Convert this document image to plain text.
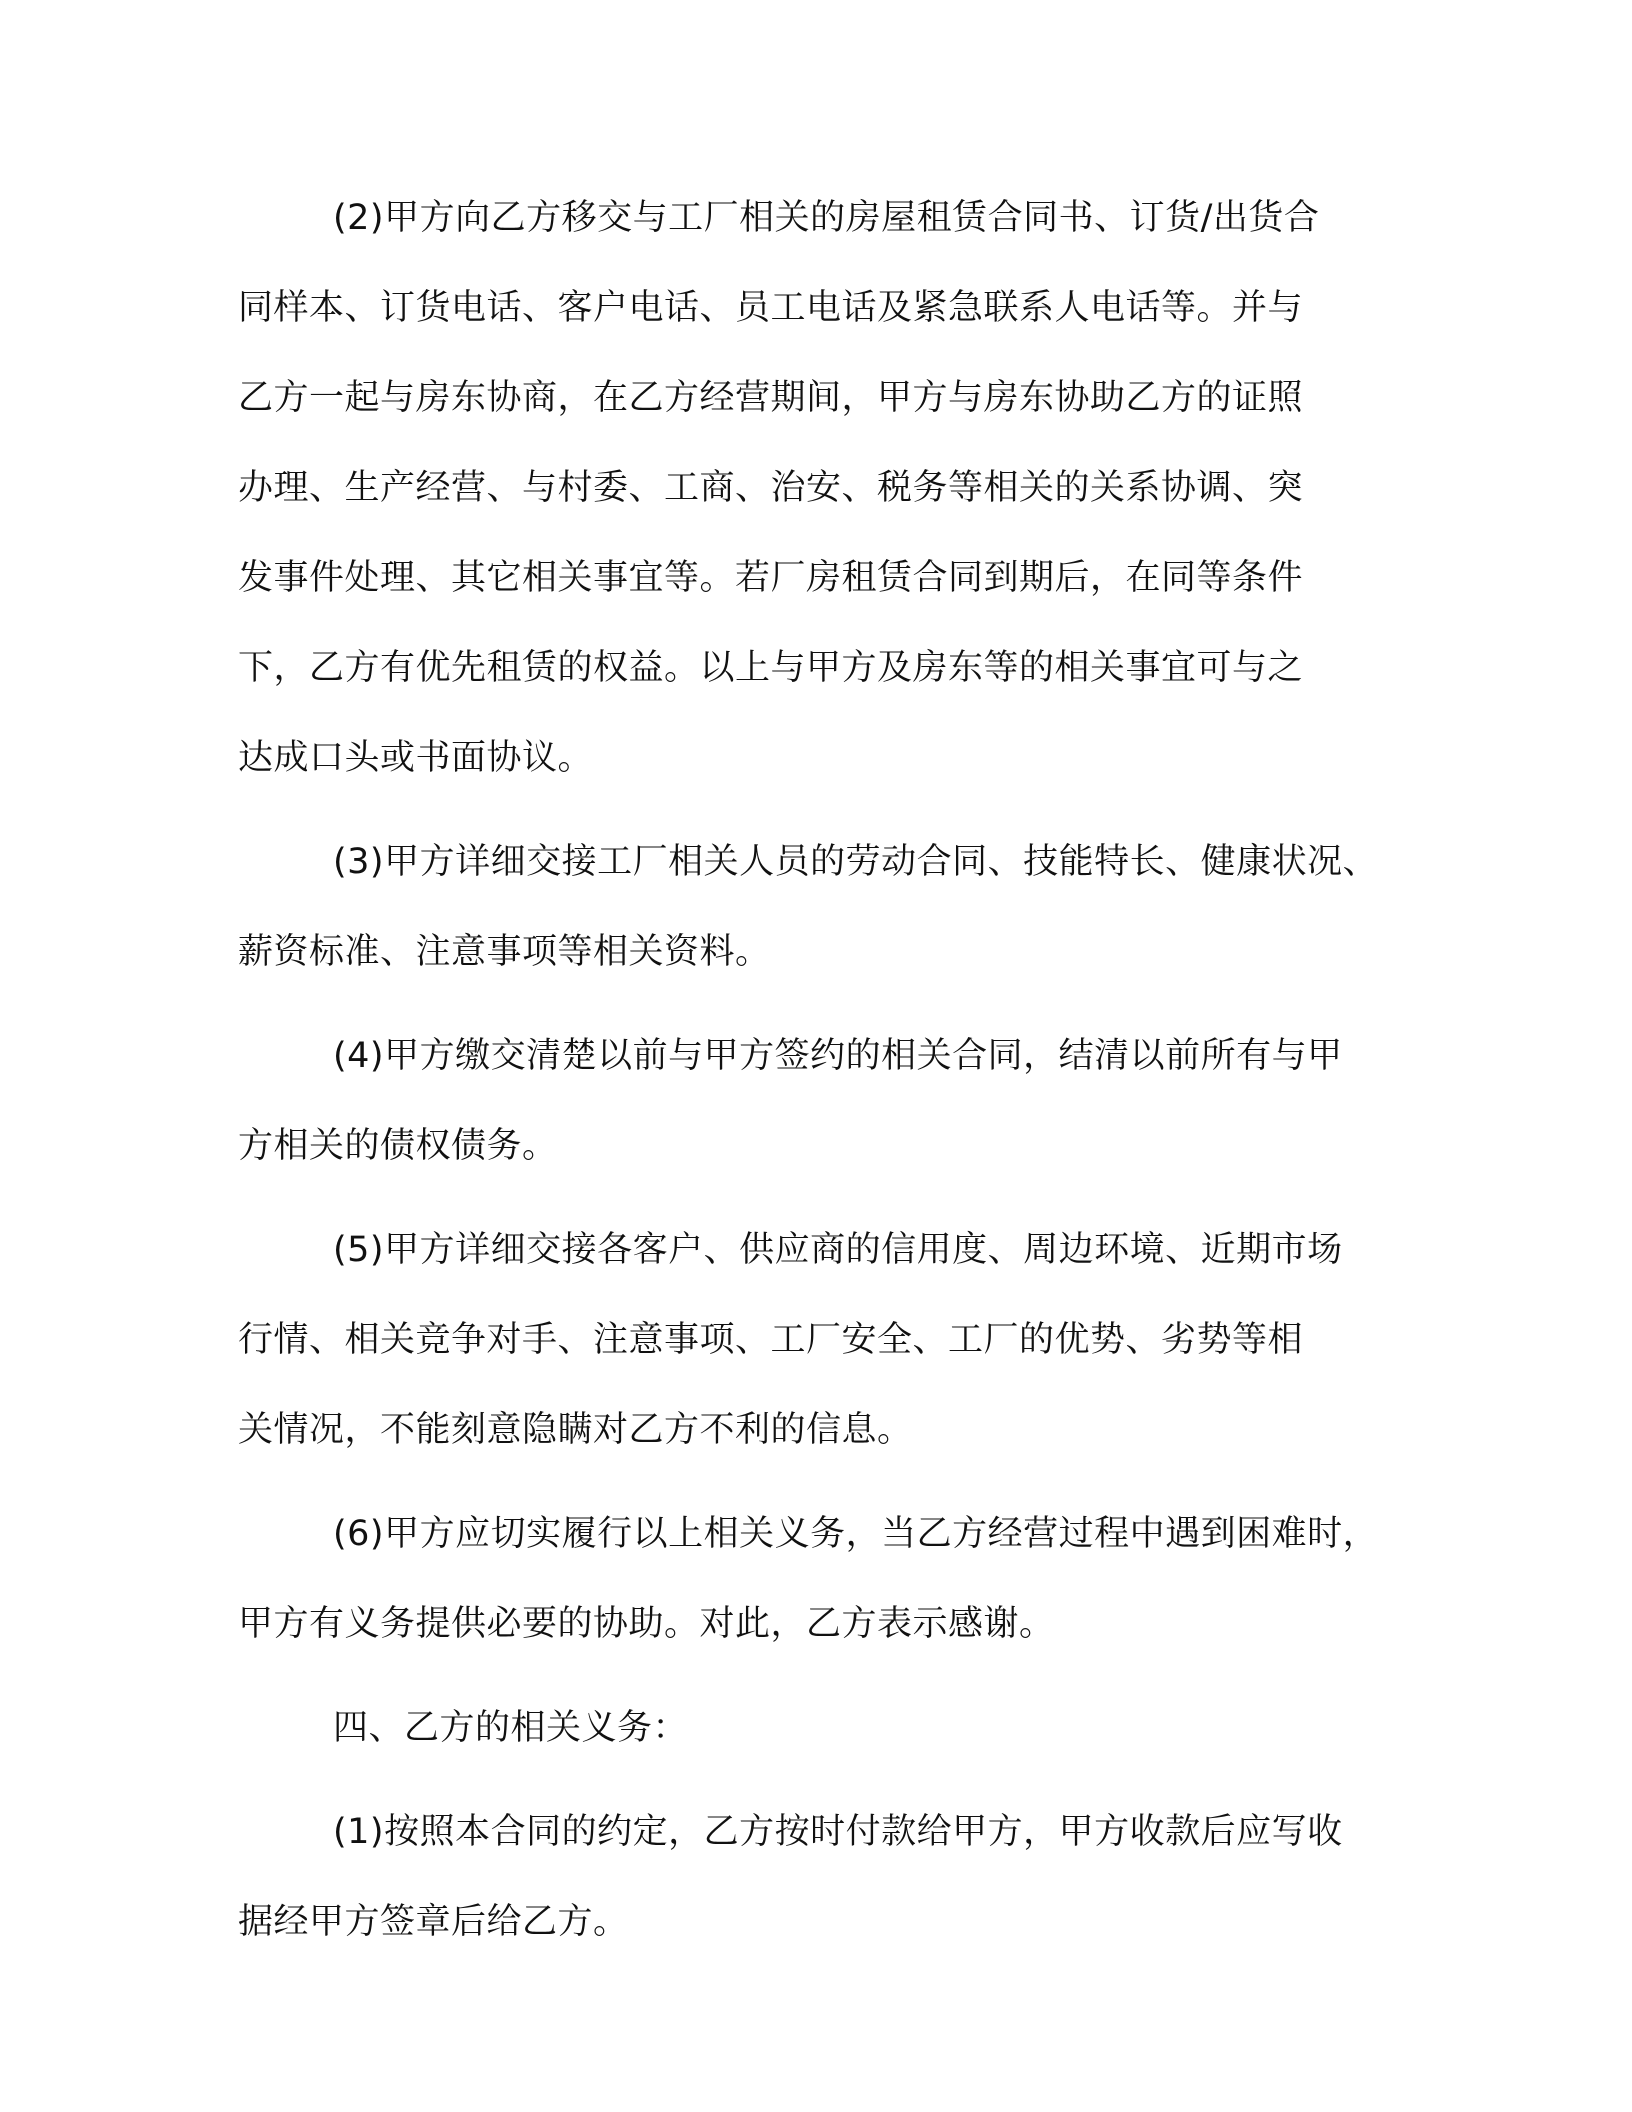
(2)甲方向乙方移交与工厂相关的房屋租赁合同书、订货/出货合
同样本、订货电话、客户电话、员工电话及紧急联系人电话等。并与
乙方一起与房东协商，在乙方经营期间，甲方与房东协助乙方的证照
办理、生产经营、与村委、工商、治安、税务等相关的关系协调、突
发事件处理、其它相关事宜等。若厂房租赁合同到期后，在同等条件
下，乙方有优先租赁的权益。以上与甲方及房东等的相关事宜可与之
达成口头或书面协议。
(3)甲方详细交接工厂相关人员的劳动合同、技能特长、健康状况、
薪资标准、注意事项等相关资料。
(4)甲方缴交清楚以前与甲方签约的相关合同，结清以前所有与甲
方相关的债权债务。
(5)甲方详细交接各客户、供应商的信用度、周边环境、近期市场
行情、相关竞争对手、注意事项、工厂安全、工厂的优势、劣势等相
关情况，不能刻意隐瞒对乙方不利的信息。
(6)甲方应切实履行以上相关义务，当乙方经营过程中遇到困难时，
甲方有义务提供必要的协助。对此，乙方表示感谢。
四、乙方的相关义务：
(1)按照本合同的约定，乙方按时付款给甲方，甲方收款后应写收
据经甲方签章后给乙方。
